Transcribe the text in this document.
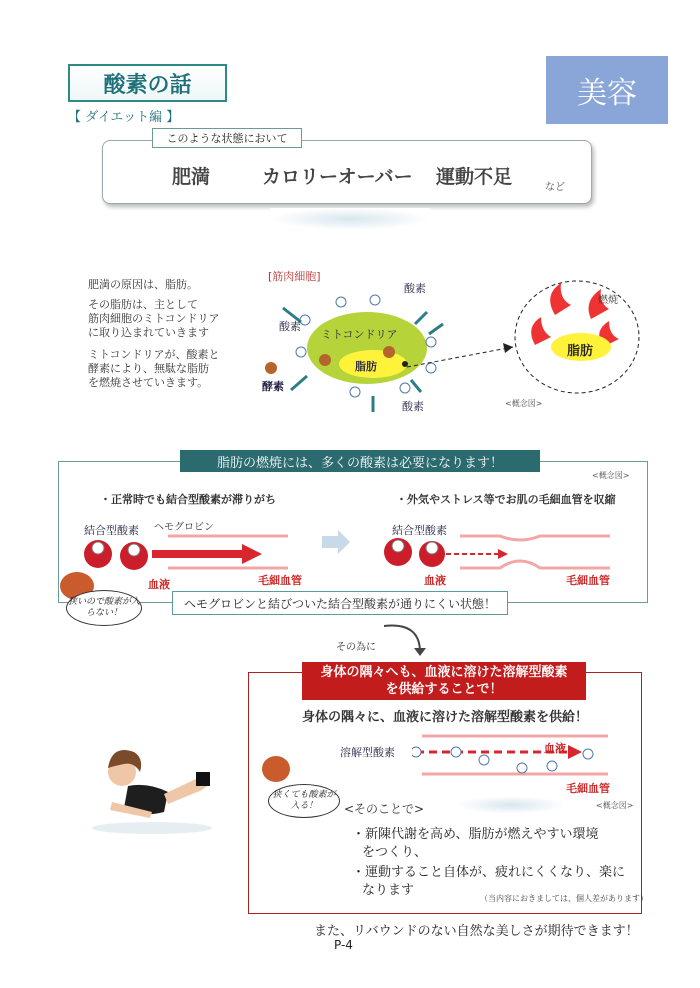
酸素の話	美容
【 ダイエット編 】
このような状態において
肥満	カロリーオーバー 運動不足	など
肥満の原因は、脂肪。
その脂肪は、主として
筋肉細胞のミトコンドリア
に取り込まれていきます
ミトコンドリアが、酸素と
酵素により、無駄な脂肪
を燃焼させていきます。
[筋肉細胞]
ミトコンドリア
脂肪
酸素
酸素
酸素
酵素
燃焼
脂肪
<概念図>
脂肪の燃焼には、多くの酸素は必要になります！
<概念図>
・正常時でも結合型酸素が滞りがち	・外気やストレス等でお肌の毛細血管を収縮
結合型酸素 ヘモグロビン
血液	毛細血管
結合型酸素
血液	毛細血管
狭いので酸素が入らない！
ヘモグロビンと結びついた結合型酸素が通りにくい状態！
その為に
身体の隅々へも、血液に溶けた溶解型酸素
を供給することで！
身体の隅々に、血液に溶けた溶解型酸素を供給！
溶解型酸素	血液
毛細血管
<概念図>
狭くても酸素が入る！	<そのことで>
・新陳代謝を高め、脂肪が燃えやすい環境
をつくり、
・運動すること自体が、疲れにくくなり、楽に
なります
（当内容におきましては、個人差があります）
また、リバウンドのない自然な美しさが期待できます！
P-4
